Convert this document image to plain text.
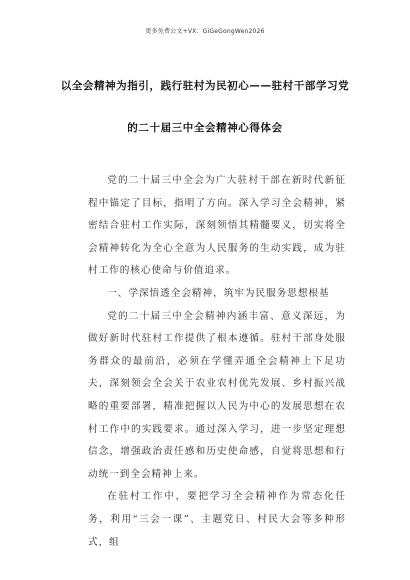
更多免费公文+VX：GiGeGongWen2026
以全会精神为指引，践行驻村为民初心——驻村干部学习党
的二十届三中全会精神心得体会

党的二十届三中全会为广大驻村干部在新时代新征程中锚定了目标，指明了方向。深入学习全会精神，紧密结合驻村工作实际，深刻领悟其精髓要义，切实将全会精神转化为全心全意为人民服务的生动实践，成为驻村工作的核心使命与价值追求。

一、学深悟透全会精神，筑牢为民服务思想根基

党的二十届三中全会精神内涵丰富、意义深远，为做好新时代驻村工作提供了根本遵循。驻村干部身处服务群众的最前沿，必须在学懂弄通全会精神上下足功夫，深刻领会全会关于农业农村优先发展、乡村振兴战略的重要部署，精准把握以人民为中心的发展思想在农村工作中的实践要求。通过深入学习，进一步坚定理想信念，增强政治责任感和历史使命感，自觉将思想和行动统一到全会精神上来。

在驻村工作中，要把学习全会精神作为常态化任务，利用“三会一课”、主题党日、村民大会等多种形式，组
